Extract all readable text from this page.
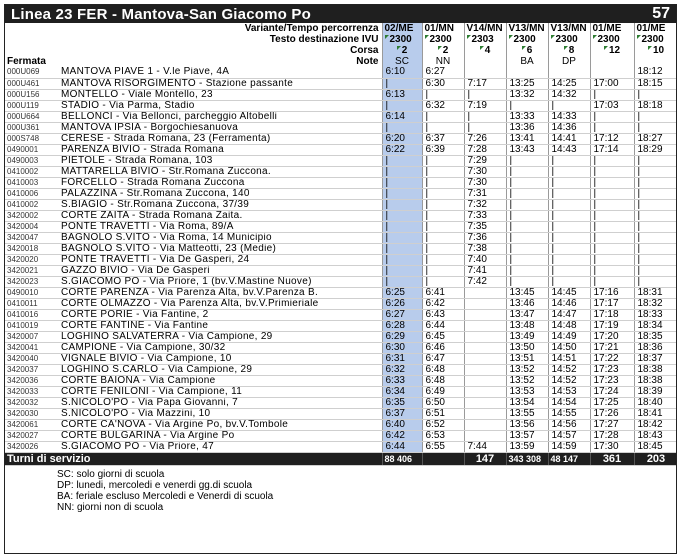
Linea 23 FER - Mantova-San Giacomo Po	57
Variante/Tempo percorrenza		02/ME	01/MN	V14/MN	V13/MN	V13/MN	01/ME	01/ME
Testo destinazione IVU		2300	2300	2303	2300	2300	2300	2300
Corsa		2	2	4	6	8	12	10
Fermata	Note	SC	NN		BA	DP		
000U069	MANTOVA PIAVE 1 - V.le Piave, 4A	6:10	6:27					18:12
000U461	MANTOVA RISORGIMENTO - Stazione passante	|	6:30	7:17	13:25	14:25	17:00	18:15
000U156	MONTELLO - Viale Montello, 23	6:13	|	|	13:32	14:32	|	|
000U119	STADIO - Via Parma, Stadio	|	6:32	7:19	|	|	17:03	18:18
000U664	BELLONCI - Via Bellonci, parcheggio Altobelli	6:14	|	|	13:33	14:33	|	|
000U361	MANTOVA IPSIA - Borgochiesanuova	|	|	|	13:36	14:36	|	|
000S748	CERESE - Strada Romana, 23 (Ferramenta)	6:20	6:37	7:26	13:41	14:41	17:12	18:27
0490001	PARENZA BIVIO - Strada Romana	6:22	6:39	7:28	13:43	14:43	17:14	18:29
0490003	PIETOLE - Strada Romana, 103	|	|	7:29	|	|	|	|
0410002	MATTARELLA BIVIO - Str.Romana Zuccona.	|	|	7:30	|	|	|	|
0410003	FORCELLO - Strada Romana Zuccona	|	|	7:30	|	|	|	|
0410006	PALAZZINA - Str.Romana Zuccona, 140	|	|	7:31	|	|	|	|
0410002	S.BIAGIO - Str.Romana Zuccona, 37/39	|	|	7:32	|	|	|	|
3420002	CORTE ZAITA - Strada Romana Zaita.	|	|	7:33	|	|	|	|
3420004	PONTE TRAVETTI - Via Roma, 89/A	|	|	7:35	|	|	|	|
3420047	BAGNOLO S.VITO - Via Roma, 14 Municipio	|	|	7:36	|	|	|	|
3420018	BAGNOLO S.VITO - Via Matteotti, 23 (Medie)	|	|	7:38	|	|	|	|
3420020	PONTE TRAVETTI - Via De Gasperi, 24	|	|	7:40	|	|	|	|
3420021	GAZZO BIVIO - Via De Gasperi	|	|	7:41	|	|	|	|
3420023	S.GIACOMO PO - Via Priore, 1 (bv.V.Mastine Nuove)	|	|	7:42	|	|	|	|
0490010	CORTE PARENZA - Via Parenza Alta, bv.V.Parenza B.	6:25	6:41		13:45	14:45	17:16	18:31
0410011	CORTE OLMAZZO - Via Parenza Alta, bv.V.Primieriale	6:26	6:42		13:46	14:46	17:17	18:32
0410016	CORTE PORIE - Via Fantine, 2	6:27	6:43		13:47	14:47	17:18	18:33
0410019	CORTE FANTINE - Via Fantine	6:28	6:44		13:48	14:48	17:19	18:34
3420007	LOGHINO SALVATERRA - Via Campione, 29	6:29	6:45		13:49	14:49	17:20	18:35
3420041	CAMPIONE - Via Campione, 30/32	6:30	6:46		13:50	14:50	17:21	18:36
3420040	VIGNALE BIVIO - Via Campione, 10	6:31	6:47		13:51	14:51	17:22	18:37
3420037	LOGHINO S.CARLO - Via Campione, 29	6:32	6:48		13:52	14:52	17:23	18:38
3420036	CORTE BAIONA - Via Campione	6:33	6:48		13:52	14:52	17:23	18:38
3420033	CORTE FENILONI - Via Campione, 11	6:34	6:49		13:53	14:53	17:24	18:39
3420032	S.NICOLO'PO - Via Papa Giovanni, 7	6:35	6:50		13:54	14:54	17:25	18:40
3420030	S.NICOLO'PO - Via Mazzini, 10	6:37	6:51		13:55	14:55	17:26	18:41
3420061	CORTE CA'NOVA - Via Argine Po, bv.V.Tombole	6:40	6:52		13:56	14:56	17:27	18:42
3420027	CORTE BULGARINA - Via Argine Po	6:42	6:53		13:57	14:57	17:28	18:43
3420026	S.GIACOMO PO - Via Priore, 47	6:44	6:55	7:44	13:59	14:59	17:30	18:45
Turni di servizio	88 406		147	343 308	48 147	361	203
SC: solo giorni di scuola
DP: lunedi, mercoledi e venerdi gg.di scuola
BA: feriale escluso Mercoledi e Venerdi di scuola
NN: giorni non di scuola
